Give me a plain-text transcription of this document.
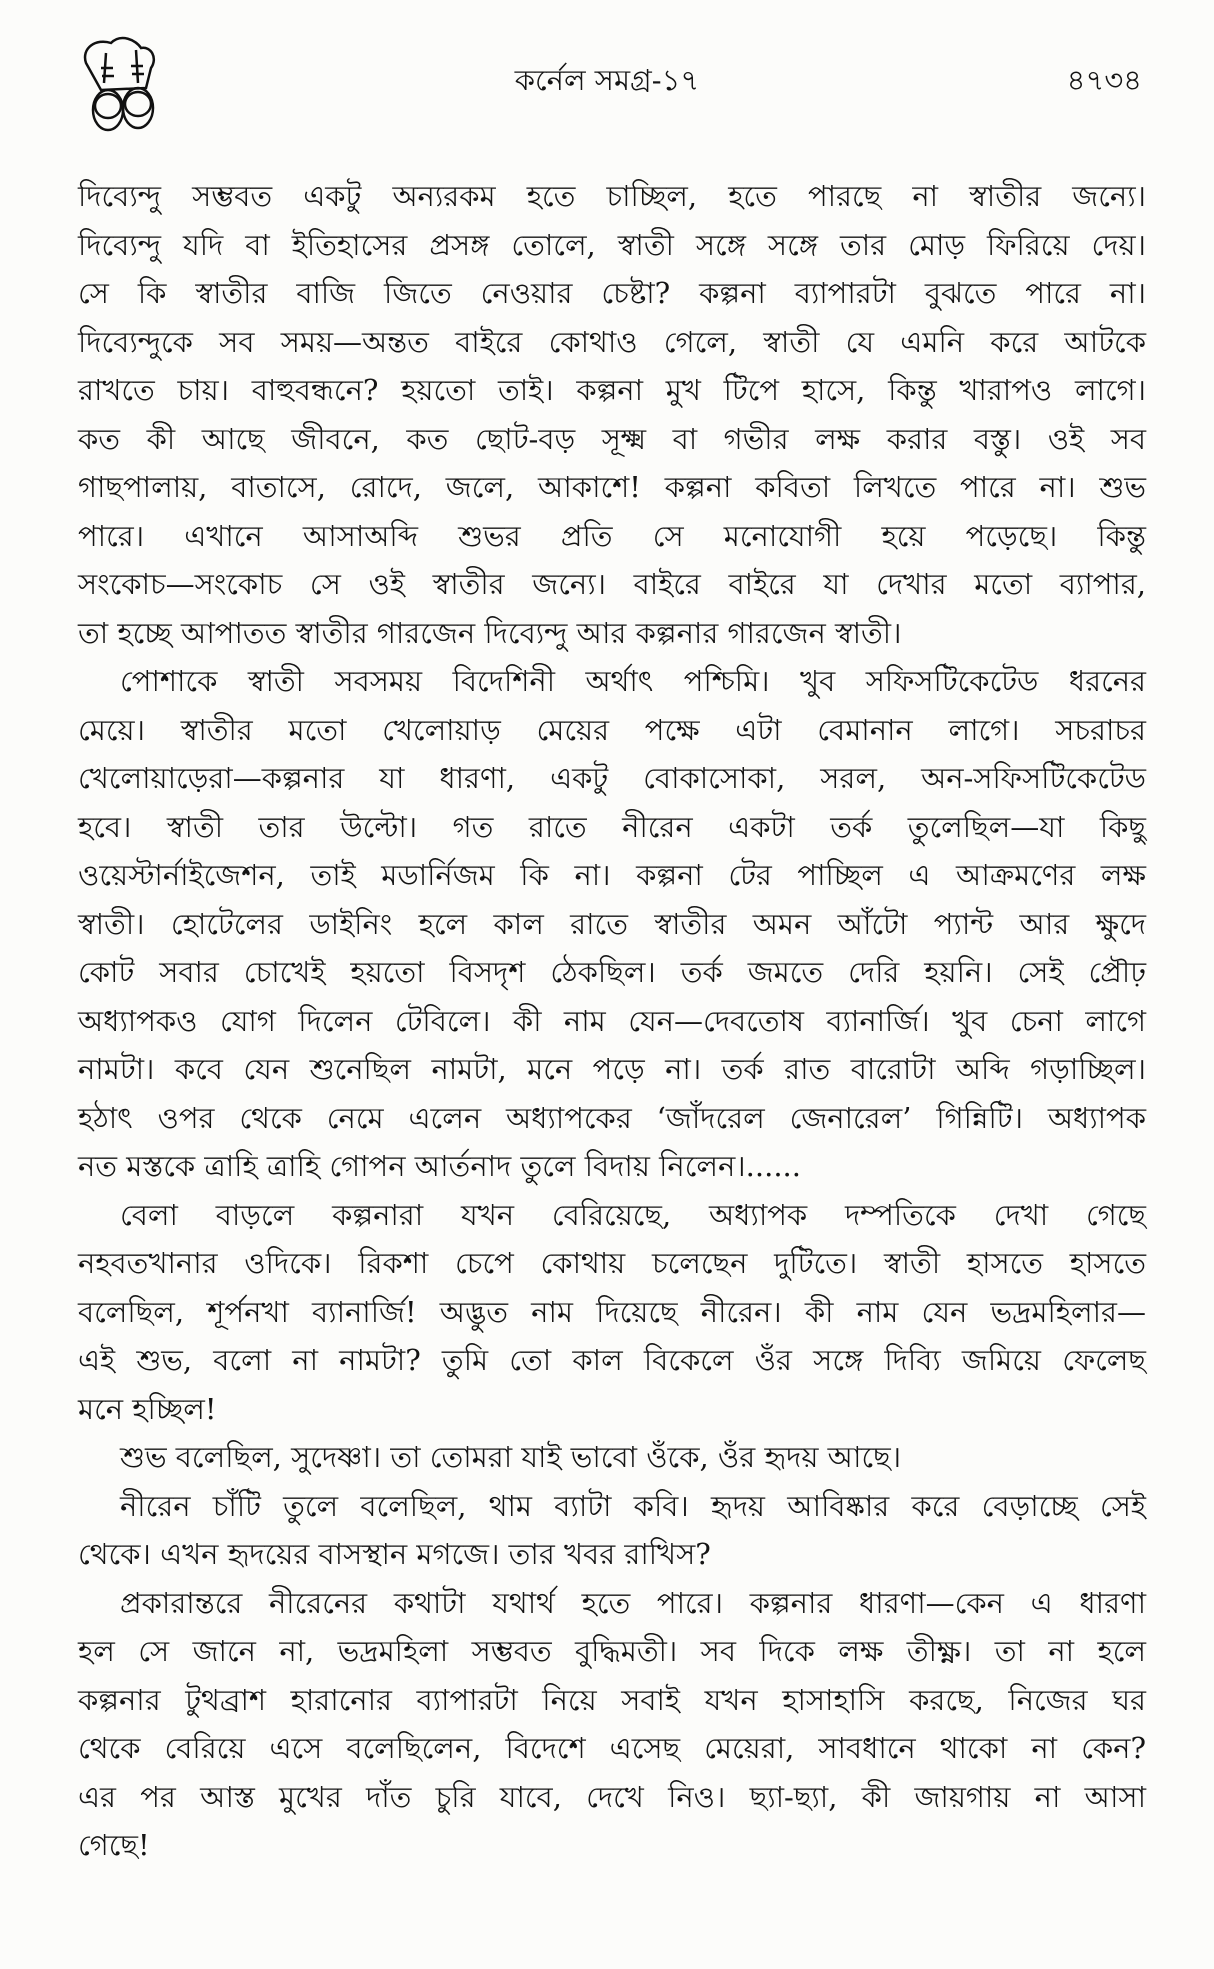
কর্নেল সমগ্র-১৭	৪৭৩৪
দিব্যেন্দু সম্ভবত একটু অন্যরকম হতে চাচ্ছিল, হতে পারছে না স্বাতীর জন্যে।
দিব্যেন্দু যদি বা ইতিহাসের প্রসঙ্গ তোলে, স্বাতী সঙ্গে সঙ্গে তার মোড় ফিরিয়ে দেয়।
সে কি স্বাতীর বাজি জিতে নেওয়ার চেষ্টা? কল্পনা ব্যাপারটা বুঝতে পারে না।
দিব্যেন্দুকে সব সময়—অন্তত বাইরে কোথাও গেলে, স্বাতী যে এমনি করে আটকে
রাখতে চায়। বাহুবন্ধনে? হয়তো তাই। কল্পনা মুখ টিপে হাসে, কিন্তু খারাপও লাগে।
কত কী আছে জীবনে, কত ছোট-বড় সূক্ষ্ম বা গভীর লক্ষ করার বস্তু। ওই সব
গাছপালায়, বাতাসে, রোদে, জলে, আকাশে! কল্পনা কবিতা লিখতে পারে না। শুভ
পারে। এখানে আসাঅব্দি শুভর প্রতি সে মনোযোগী হয়ে পড়েছে। কিন্তু
সংকোচ—সংকোচ সে ওই স্বাতীর জন্যে। বাইরে বাইরে যা দেখার মতো ব্যাপার,
তা হচ্ছে আপাতত স্বাতীর গারজেন দিব্যেন্দু আর কল্পনার গারজেন স্বাতী।
পোশাকে স্বাতী সবসময় বিদেশিনী অর্থাৎ পশ্চিমি। খুব সফিসটিকেটেড ধরনের
মেয়ে। স্বাতীর মতো খেলোয়াড় মেয়ের পক্ষে এটা বেমানান লাগে। সচরাচর
খেলোয়াড়েরা—কল্পনার যা ধারণা, একটু বোকাসোকা, সরল, অন-সফিসটিকেটেড
হবে। স্বাতী তার উল্টো। গত রাতে নীরেন একটা তর্ক তুলেছিল—যা কিছু
ওয়েস্টার্নাইজেশন, তাই মডার্নিজম কি না। কল্পনা টের পাচ্ছিল এ আক্রমণের লক্ষ
স্বাতী। হোটেলের ডাইনিং হলে কাল রাতে স্বাতীর অমন আঁটো প্যান্ট আর ক্ষুদে
কোট সবার চোখেই হয়তো বিসদৃশ ঠেকছিল। তর্ক জমতে দেরি হয়নি। সেই প্রৌঢ়
অধ্যাপকও যোগ দিলেন টেবিলে। কী নাম যেন—দেবতোষ ব্যানার্জি। খুব চেনা লাগে
নামটা। কবে যেন শুনেছিল নামটা, মনে পড়ে না। তর্ক রাত বারোটা অব্দি গড়াচ্ছিল।
হঠাৎ ওপর থেকে নেমে এলেন অধ্যাপকের ‘জাঁদরেল জেনারেল’ গিন্নিটি। অধ্যাপক
নত মস্তকে ত্রাহি ত্রাহি গোপন আর্তনাদ তুলে বিদায় নিলেন।......
বেলা বাড়লে কল্পনারা যখন বেরিয়েছে, অধ্যাপক দম্পতিকে দেখা গেছে
নহবতখানার ওদিকে। রিকশা চেপে কোথায় চলেছেন দুটিতে। স্বাতী হাসতে হাসতে
বলেছিল, শূর্পনখা ব্যানার্জি! অদ্ভুত নাম দিয়েছে নীরেন। কী নাম যেন ভদ্রমহিলার—
এই শুভ, বলো না নামটা? তুমি তো কাল বিকেলে ওঁর সঙ্গে দিব্যি জমিয়ে ফেলেছ
মনে হচ্ছিল!
শুভ বলেছিল, সুদেষ্ণা। তা তোমরা যাই ভাবো ওঁকে, ওঁর হৃদয় আছে।
নীরেন চাঁটি তুলে বলেছিল, থাম ব্যাটা কবি। হৃদয় আবিষ্কার করে বেড়াচ্ছে সেই
থেকে। এখন হৃদয়ের বাসস্থান মগজে। তার খবর রাখিস?
প্রকারান্তরে নীরেনের কথাটা যথার্থ হতে পারে। কল্পনার ধারণা—কেন এ ধারণা
হল সে জানে না, ভদ্রমহিলা সম্ভবত বুদ্ধিমতী। সব দিকে লক্ষ তীক্ষ্ণ। তা না হলে
কল্পনার টুথব্রাশ হারানোর ব্যাপারটা নিয়ে সবাই যখন হাসাহাসি করছে, নিজের ঘর
থেকে বেরিয়ে এসে বলেছিলেন, বিদেশে এসেছ মেয়েরা, সাবধানে থাকো না কেন?
এর পর আস্ত মুখের দাঁত চুরি যাবে, দেখে নিও। ছ্যা-ছ্যা, কী জায়গায় না আসা
গেছে!
